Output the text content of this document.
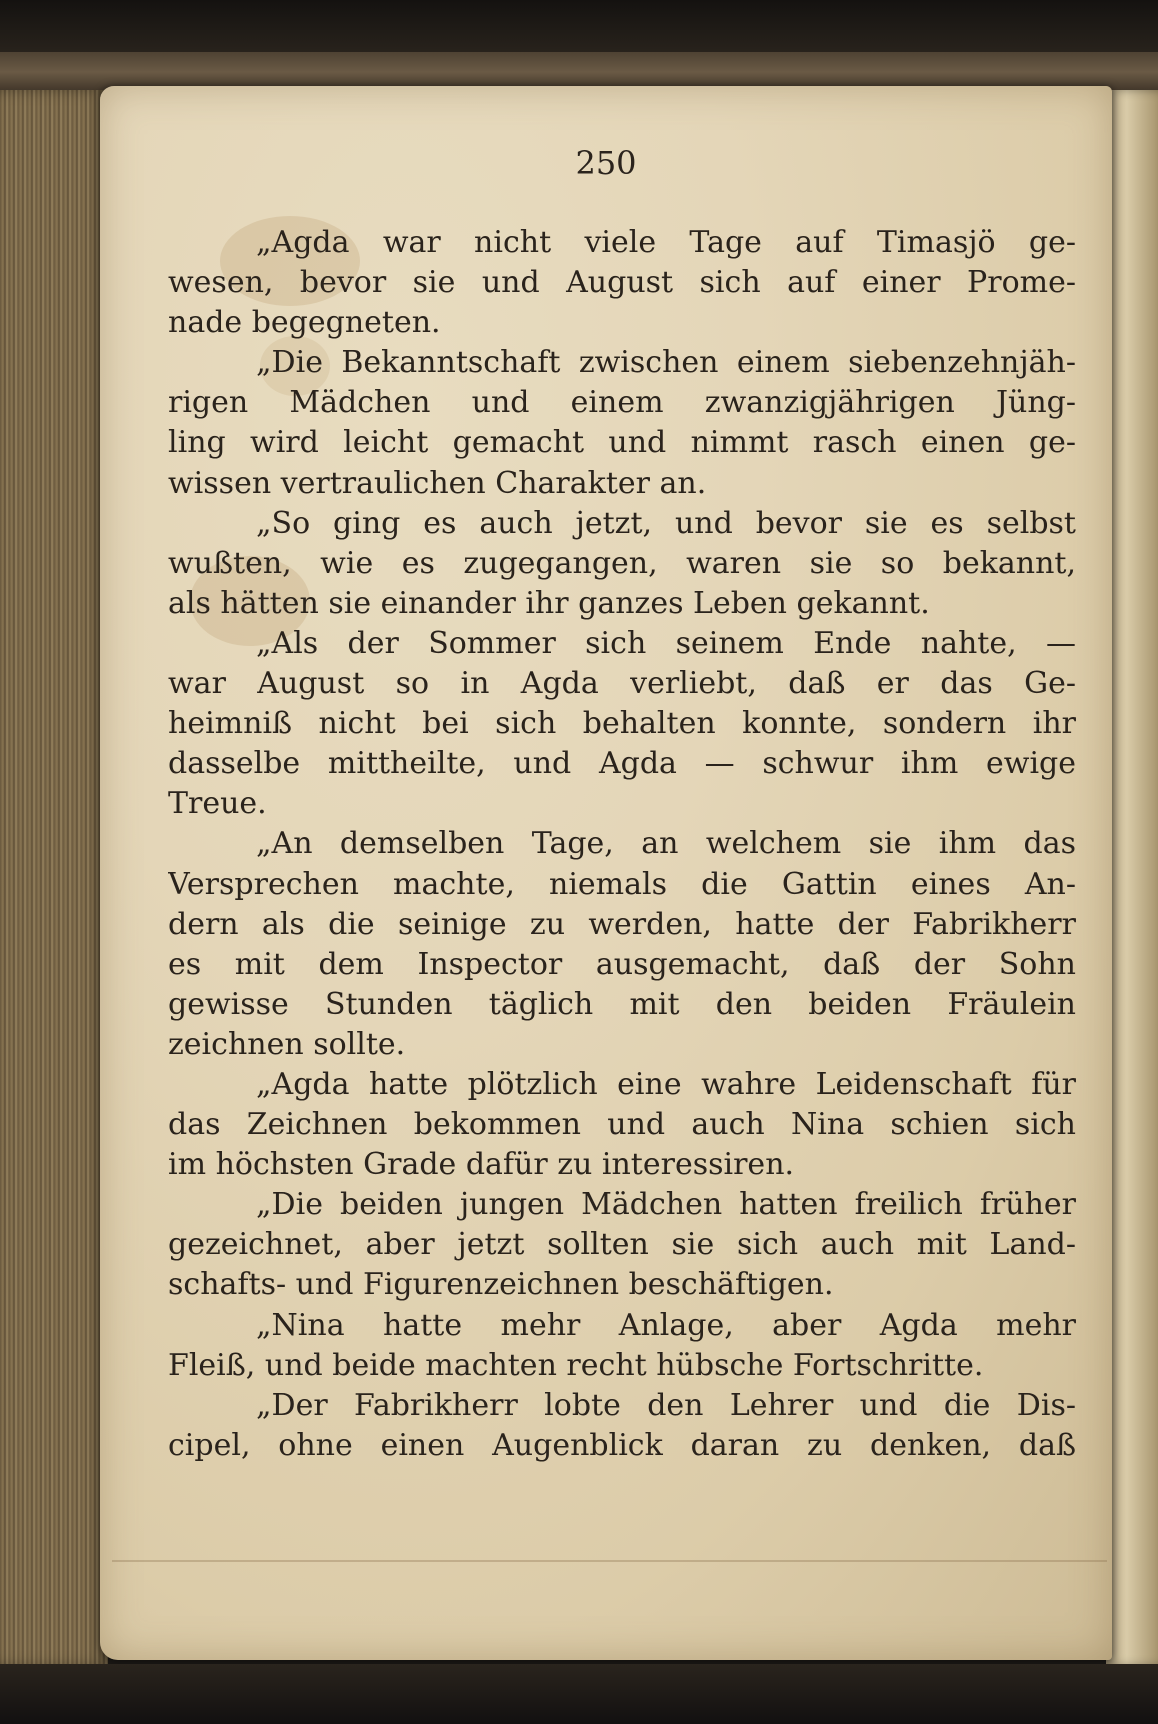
250
„Agda war nicht viele Tage auf Timasjö ge-
wesen, bevor sie und August sich auf einer Prome-
nade begegneten.
„Die Bekanntschaft zwischen einem siebenzehnjäh-
rigen Mädchen und einem zwanzigjährigen Jüng-
ling wird leicht gemacht und nimmt rasch einen ge-
wissen vertraulichen Charakter an.
„So ging es auch jetzt, und bevor sie es selbst
wußten, wie es zugegangen, waren sie so bekannt,
als hätten sie einander ihr ganzes Leben gekannt.
„Als der Sommer sich seinem Ende nahte, —
war August so in Agda verliebt, daß er das Ge-
heimniß nicht bei sich behalten konnte, sondern ihr
dasselbe mittheilte, und Agda — schwur ihm ewige
Treue.
„An demselben Tage, an welchem sie ihm das
Versprechen machte, niemals die Gattin eines An-
dern als die seinige zu werden, hatte der Fabrikherr
es mit dem Inspector ausgemacht, daß der Sohn
gewisse Stunden täglich mit den beiden Fräulein
zeichnen sollte.
„Agda hatte plötzlich eine wahre Leidenschaft für
das Zeichnen bekommen und auch Nina schien sich
im höchsten Grade dafür zu interessiren.
„Die beiden jungen Mädchen hatten freilich früher
gezeichnet, aber jetzt sollten sie sich auch mit Land-
schafts- und Figurenzeichnen beschäftigen.
„Nina hatte mehr Anlage, aber Agda mehr
Fleiß, und beide machten recht hübsche Fortschritte.
„Der Fabrikherr lobte den Lehrer und die Dis-
cipel, ohne einen Augenblick daran zu denken, daß
